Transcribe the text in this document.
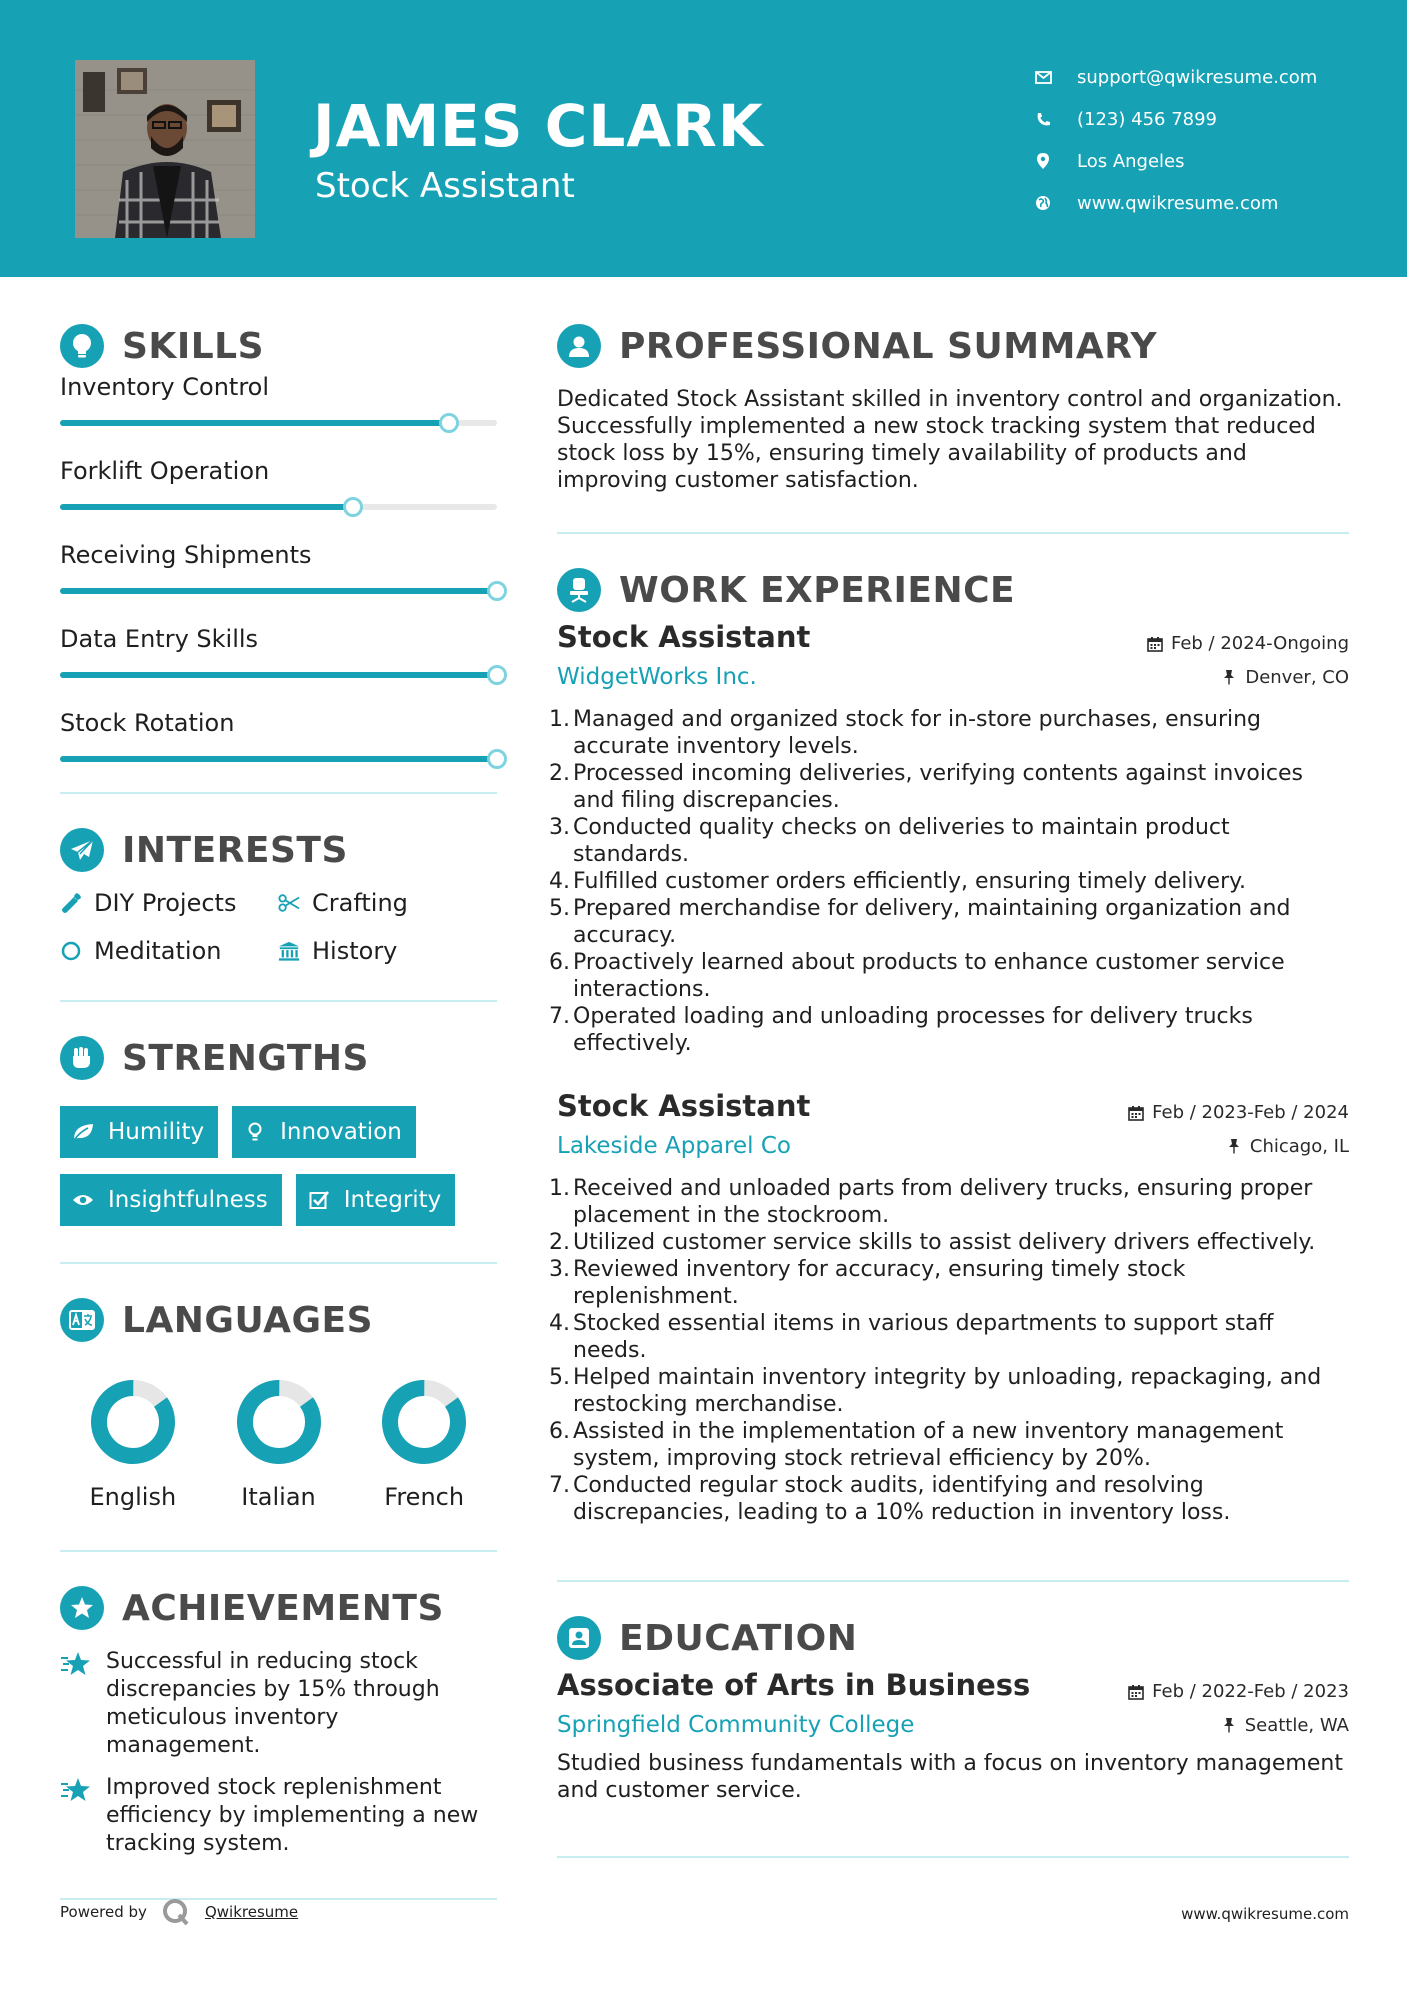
JAMES CLARK
Stock Assistant
support@qwikresume.com
(123) 456 7899
Los Angeles
www.qwikresume.com
SKILLS
Inventory Control
Forklift Operation
Receiving Shipments
Data Entry Skills
Stock Rotation
INTERESTS
DIY Projects	Crafting
Meditation	History
STRENGTHS
Humility	Innovation
Insightfulness	Integrity
LANGUAGES
English	Italian	French
ACHIEVEMENTS
Successful in reducing stock discrepancies by 15% through meticulous inventory management.
Improved stock replenishment efficiency by implementing a new tracking system.
PROFESSIONAL SUMMARY
Dedicated Stock Assistant skilled in inventory control and organization. Successfully implemented a new stock tracking system that reduced stock loss by 15%, ensuring timely availability of products and improving customer satisfaction.
WORK EXPERIENCE
Stock Assistant	Feb / 2024-Ongoing
WidgetWorks Inc.	Denver, CO
1. Managed and organized stock for in-store purchases, ensuring accurate inventory levels.
2. Processed incoming deliveries, verifying contents against invoices and filing discrepancies.
3. Conducted quality checks on deliveries to maintain product standards.
4. Fulfilled customer orders efficiently, ensuring timely delivery.
5. Prepared merchandise for delivery, maintaining organization and accuracy.
6. Proactively learned about products to enhance customer service interactions.
7. Operated loading and unloading processes for delivery trucks effectively.
Stock Assistant	Feb / 2023-Feb / 2024
Lakeside Apparel Co	Chicago, IL
1. Received and unloaded parts from delivery trucks, ensuring proper placement in the stockroom.
2. Utilized customer service skills to assist delivery drivers effectively.
3. Reviewed inventory for accuracy, ensuring timely stock replenishment.
4. Stocked essential items in various departments to support staff needs.
5. Helped maintain inventory integrity by unloading, repackaging, and restocking merchandise.
6. Assisted in the implementation of a new inventory management system, improving stock retrieval efficiency by 20%.
7. Conducted regular stock audits, identifying and resolving discrepancies, leading to a 10% reduction in inventory loss.
EDUCATION
Associate of Arts in Business	Feb / 2022-Feb / 2023
Springfield Community College	Seattle, WA
Studied business fundamentals with a focus on inventory management and customer service.
Powered by	Qwikresume	www.qwikresume.com
